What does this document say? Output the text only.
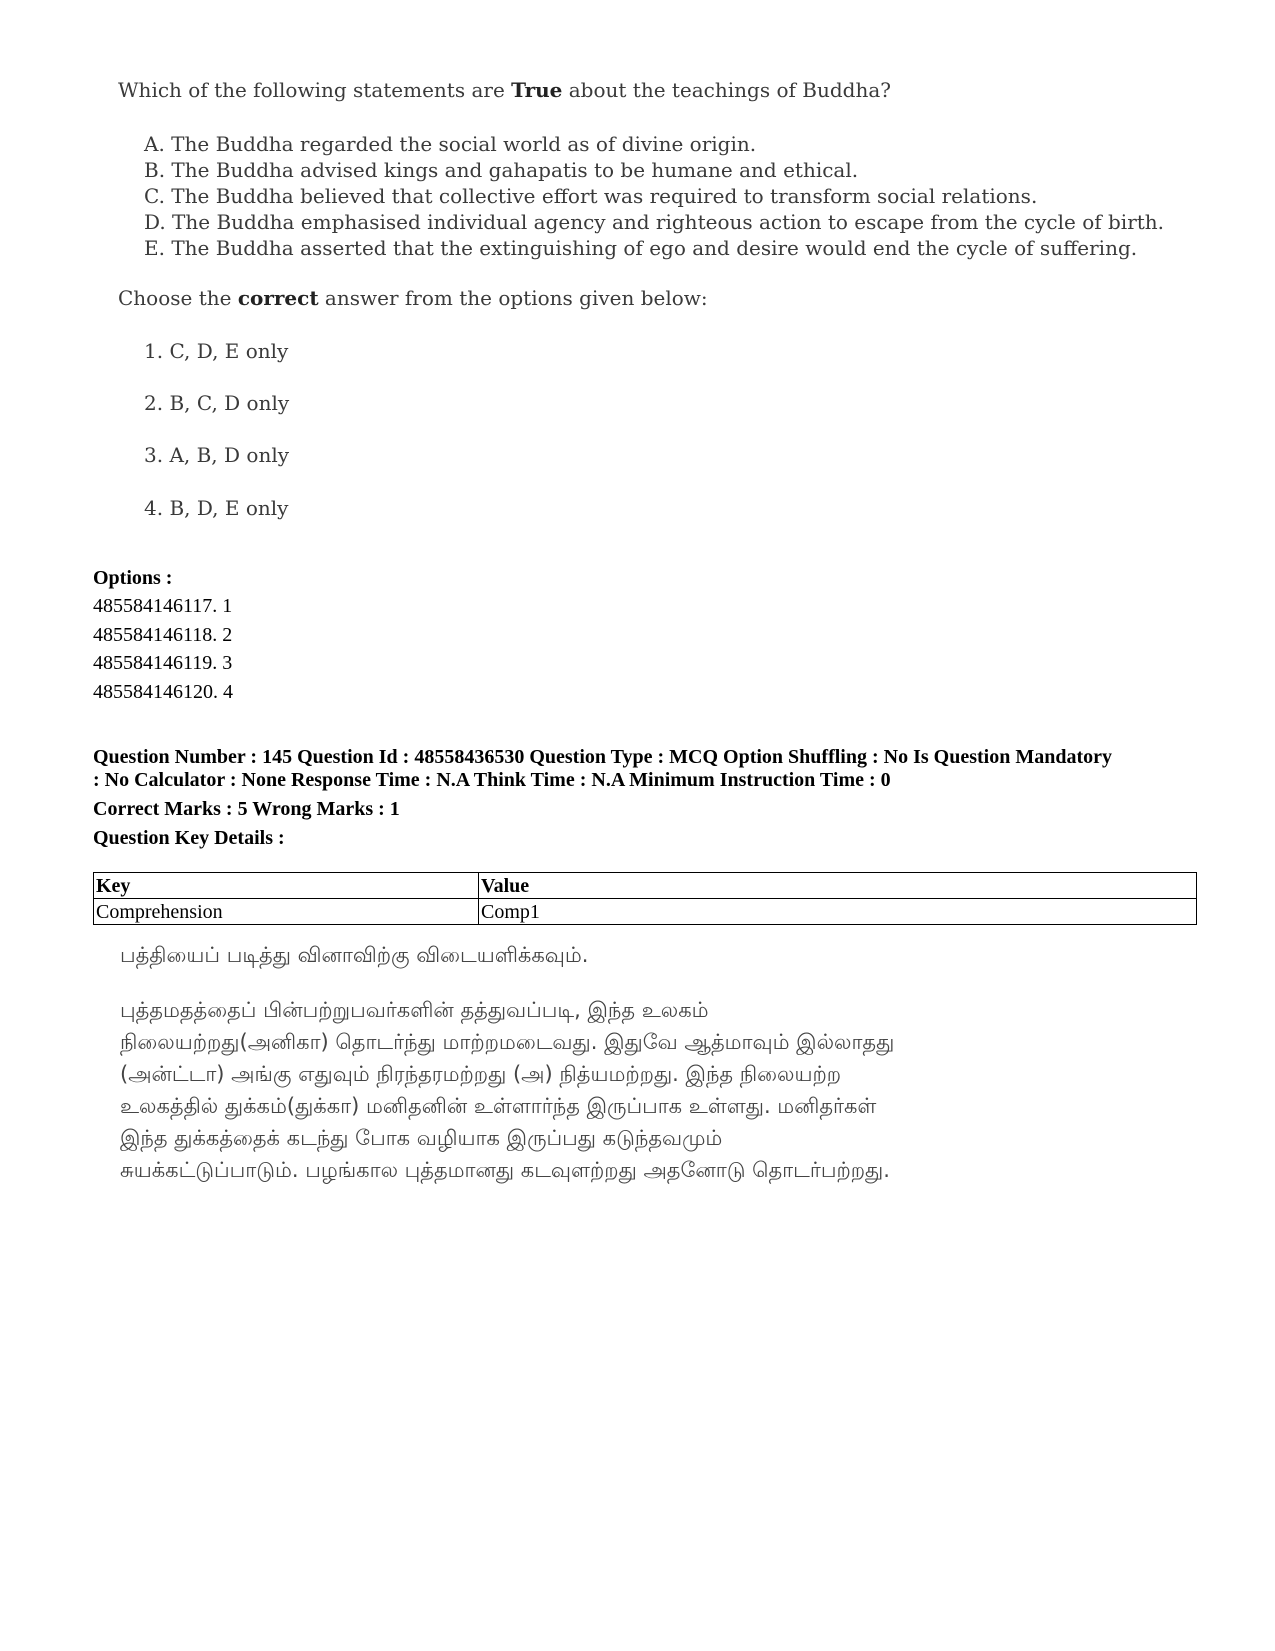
Which of the following statements are True about the teachings of Buddha?
A. The Buddha regarded the social world as of divine origin.
B. The Buddha advised kings and gahapatis to be humane and ethical.
C. The Buddha believed that collective effort was required to transform social relations.
D. The Buddha emphasised individual agency and righteous action to escape from the cycle of birth.
E. The Buddha asserted that the extinguishing of ego and desire would end the cycle of suffering.
Choose the correct answer from the options given below:
1. C, D, E only
2. B, C, D only
3. A, B, D only
4. B, D, E only
Options :
485584146117. 1
485584146118. 2
485584146119. 3
485584146120. 4
Question Number : 145 Question Id : 48558436530 Question Type : MCQ Option Shuffling : No Is Question Mandatory
: No Calculator : None Response Time : N.A Think Time : N.A Minimum Instruction Time : 0
Correct Marks : 5 Wrong Marks : 1
Question Key Details :
Key	Value
Comprehension	Comp1
பத்தியைப் படித்து வினாவிற்கு விடையளிக்கவும்.
புத்தமதத்தைப் பின்பற்றுபவர்களின் தத்துவப்படி, இந்த உலகம்
நிலையற்றது(அனிகா) தொடர்ந்து மாற்றமடைவது. இதுவே ஆத்மாவும் இல்லாதது
(அன்ட்டா) அங்கு எதுவும் நிரந்தரமற்றது (அ) நித்யமற்றது. இந்த நிலையற்ற
உலகத்தில் துக்கம்(துக்கா) மனிதனின் உள்ளார்ந்த இருப்பாக உள்ளது. மனிதர்கள்
இந்த துக்கத்தைக் கடந்து போக வழியாக இருப்பது கடுந்தவமும்
சுயக்கட்டுப்பாடும். பழங்கால புத்தமானது கடவுளற்றது அதனோடு தொடர்பற்றது.
